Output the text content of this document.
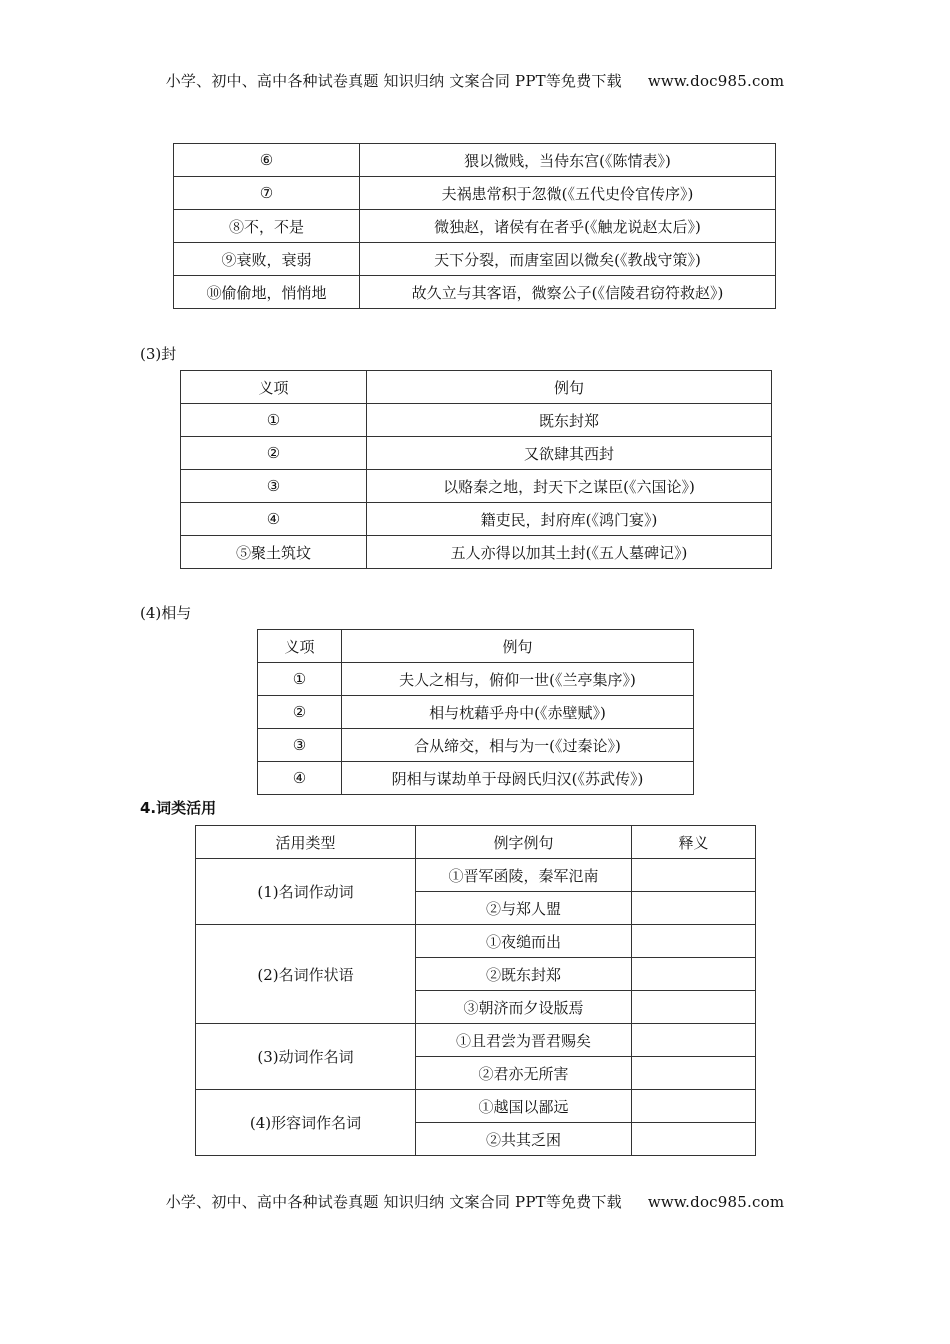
小学、初中、高中各种试卷真题 知识归纳 文案合同 PPT等免费下载 www.doc985.com
⑥	猥以微贱，当侍东宫(《陈情表》)
⑦	夫祸患常积于忽微(《五代史伶官传序》)
⑧不，不是	微独赵，诸侯有在者乎(《触龙说赵太后》)
⑨衰败，衰弱	天下分裂，而唐室固以微矣(《教战守策》)
⑩偷偷地，悄悄地	故久立与其客语，微察公子(《信陵君窃符救赵》)
(3)封
义项	例句
①	既东封郑
②	又欲肆其西封
③	以赂秦之地，封天下之谋臣(《六国论》)
④	籍吏民，封府库(《鸿门宴》)
⑤聚土筑坟	五人亦得以加其土封(《五人墓碑记》)
(4)相与
义项	例句
①	夫人之相与，俯仰一世(《兰亭集序》)
②	相与枕藉乎舟中(《赤壁赋》)
③	合从缔交，相与为一(《过秦论》)
④	阴相与谋劫单于母阏氏归汉(《苏武传》)
4.词类活用
活用类型	例字例句	释义
(1)名词作动词	①晋军函陵，秦军氾南	
	②与郑人盟	
(2)名词作状语	①夜缒而出	
	②既东封郑	
	③朝济而夕设版焉	
(3)动词作名词	①且君尝为晋君赐矣	
	②君亦无所害	
(4)形容词作名词	①越国以鄙远	
	②共其乏困	
小学、初中、高中各种试卷真题 知识归纳 文案合同 PPT等免费下载 www.doc985.com
